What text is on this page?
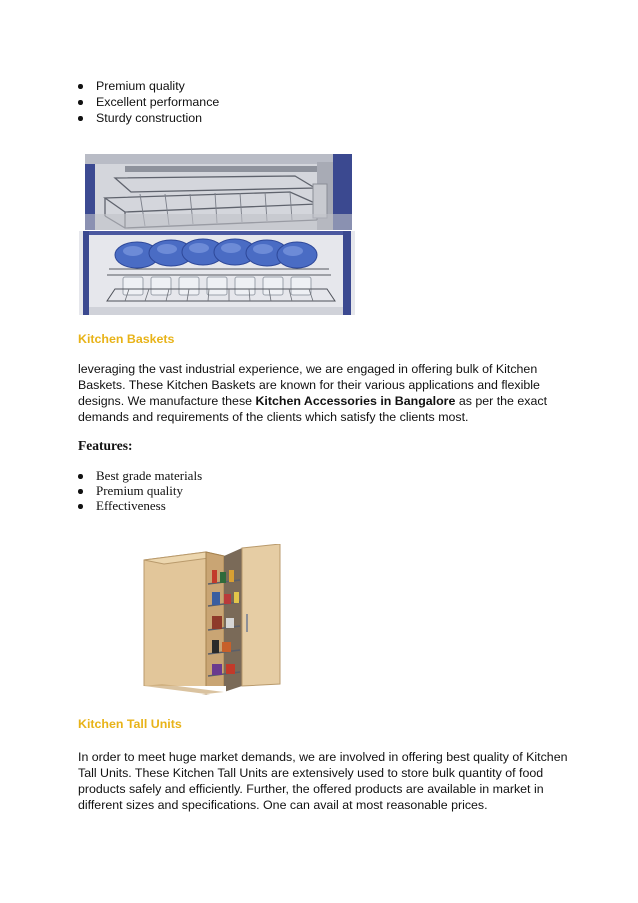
Premium quality
Excellent performance
Sturdy construction
Kitchen Baskets

leveraging the vast industrial experience, we are engaged in offering bulk of Kitchen Baskets. These Kitchen Baskets are known for their various applications and flexible designs. We manufacture these Kitchen Accessories in Bangalore as per the exact demands and requirements of the clients which satisfy the clients most.

Features:
Best grade materials
Premium quality
Effectiveness
Kitchen Tall Units

In order to meet huge market demands, we are involved in offering best quality of Kitchen Tall Units. These Kitchen Tall Units are extensively used to store bulk quantity of food products safely and efficiently. Further, the offered products are available in market in different sizes and specifications. One can avail at most reasonable prices.
